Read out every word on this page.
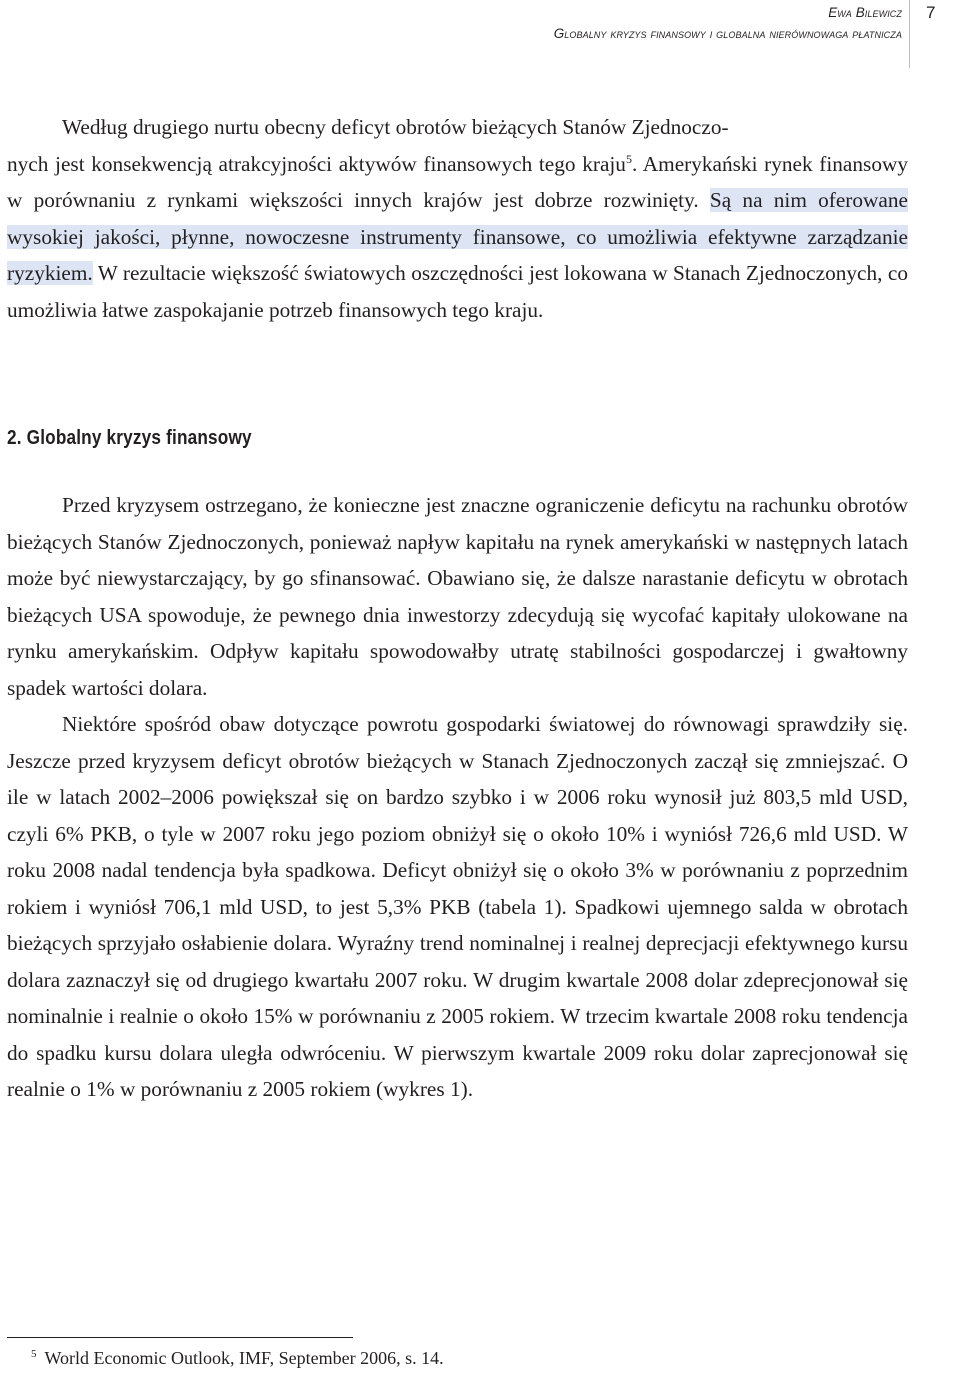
Ewa Bilewicz
Globalny kryzys finansowy i globalna nierównowaga płatnicza
7

Według drugiego nurtu obecny deficyt obrotów bieżących Stanów Zjednoczo-
nych jest konsekwencją atrakcyjności aktywów finansowych tego kraju$^5$. Amerykański rynek finansowy w porównaniu z rynkami większości innych krajów jest dobrze rozwinięty. Są na nim oferowane wysokiej jakości, płynne, nowoczesne instrumenty finansowe, co umożliwia efektywne zarządzanie ryzykiem. W rezultacie większość światowych oszczędności jest lokowana w Stanach Zjednoczonych, co umożliwia łatwe zaspokajanie potrzeb finansowych tego kraju.

2. Globalny kryzys finansowy

Przed kryzysem ostrzegano, że konieczne jest znaczne ograniczenie deficytu na rachunku obrotów bieżących Stanów Zjednoczonych, ponieważ napływ kapitału na rynek amerykański w następnych latach może być niewystarczający, by go sfinansować. Obawiano się, że dalsze narastanie deficytu w obrotach bieżących USA spowoduje, że pewnego dnia inwestorzy zdecydują się wycofać kapitały ulokowane na rynku amerykańskim. Odpływ kapitału spowodowałby utratę stabilności gospodarczej i gwałtowny spadek wartości dolara.

Niektóre spośród obaw dotyczące powrotu gospodarki światowej do równowagi sprawdziły się. Jeszcze przed kryzysem deficyt obrotów bieżących w Stanach Zjednoczonych zaczął się zmniejszać. O ile w latach 2002–2006 powiększał się on bardzo szybko i w 2006 roku wynosił już 803,5 mld USD, czyli 6% PKB, o tyle w 2007 roku jego poziom obniżył się o około 10% i wyniósł 726,6 mld USD. W roku 2008 nadal tendencja była spadkowa. Deficyt obniżył się o około 3% w porównaniu z poprzednim rokiem i wyniósł 706,1 mld USD, to jest 5,3% PKB (tabela 1). Spadkowi ujemnego salda w obrotach bieżących sprzyjało osłabienie dolara. Wyraźny trend nominalnej i realnej deprecjacji efektywnego kursu dolara zaznaczył się od drugiego kwartału 2007 roku. W drugim kwartale 2008 dolar zdeprecjonował się nominalnie i realnie o około 15% w porównaniu z 2005 rokiem. W trzecim kwartale 2008 roku tendencja do spadku kursu dolara uległa odwróceniu. W pierwszym kwartale 2009 roku dolar zaprecjonował się realnie o 1% w porównaniu z 2005 rokiem (wykres 1).

$^5$ World Economic Outlook, IMF, September 2006, s. 14.
